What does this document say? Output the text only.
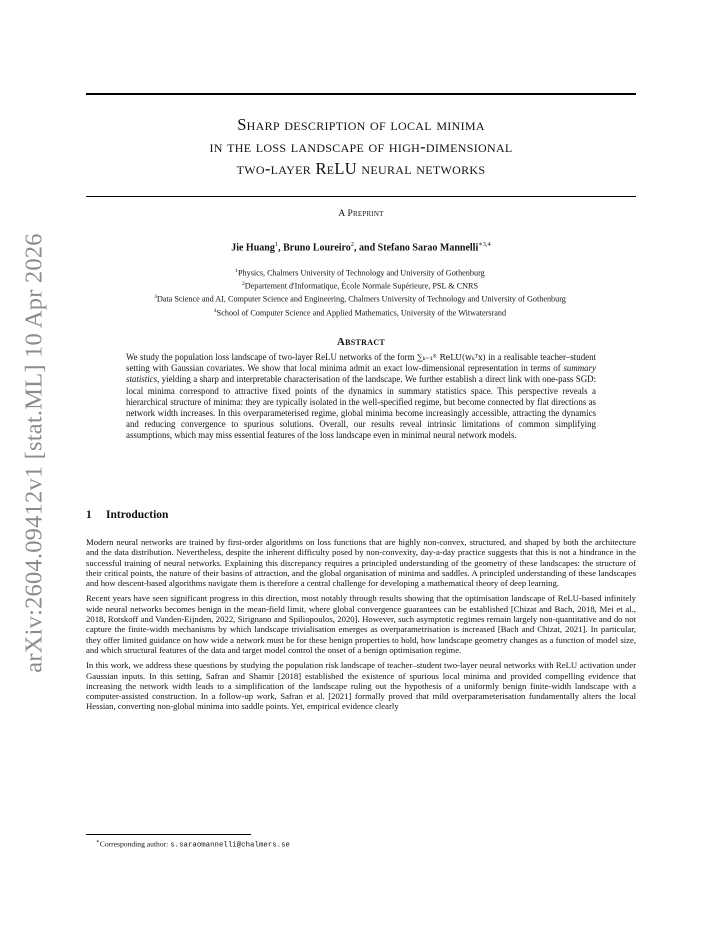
arXiv:2604.09412v1 [stat.ML] 10 Apr 2026
Sharp description of local minima
in the loss landscape of high-dimensional
two-layer ReLU neural networks
A Preprint
Jie Huang$^1$, Bruno Loureiro$^2$, and Stefano Sarao Mannelli$^{∗3,4}$
$^1$Physics, Chalmers University of Technology and University of Gothenburg
$^2$Departement d'Informatique, École Normale Supérieure, PSL & CNRS
$^3$Data Science and AI, Computer Science and Engineering, Chalmers University of Technology and University of Gothenburg
$^4$School of Computer Science and Applied Mathematics, University of the Witwatersrand
Abstract
We study the population loss landscape of two-layer ReLU networks of the form ∑ₖ₌₁ᴷ ReLU(wₖᵀx) in a realisable teacher–student setting with Gaussian covariates. We show that local minima admit an exact low-dimensional representation in terms of summary statistics, yielding a sharp and interpretable characterisation of the landscape. We further establish a direct link with one-pass SGD: local minima correspond to attractive fixed points of the dynamics in summary statistics space. This perspective reveals a hierarchical structure of minima: they are typically isolated in the well-specified regime, but become connected by flat directions as network width increases. In this overparameterised regime, global minima become increasingly accessible, attracting the dynamics and reducing convergence to spurious solutions. Overall, our results reveal intrinsic limitations of common simplifying assumptions, which may miss essential features of the loss landscape even in minimal neural network models.
1 Introduction

Modern neural networks are trained by first-order algorithms on loss functions that are highly non-convex, structured, and shaped by both the architecture and the data distribution. Nevertheless, despite the inherent difficulty posed by non-convexity, day-a-day practice suggests that this is not a hindrance in the successful training of neural networks. Explaining this discrepancy requires a principled understanding of the geometry of these landscapes: the structure of their critical points, the nature of their basins of attraction, and the global organisation of minima and saddles. A principled understanding of these landscapes and how descent-based algorithms navigate them is therefore a central challenge for developing a mathematical theory of deep learning.

Recent years have seen significant progress in this direction, most notably through results showing that the optimisation landscape of ReLU-based infinitely wide neural networks becomes benign in the mean-field limit, where global convergence guarantees can be established [Chizat and Bach, 2018, Mei et al., 2018, Rotskoff and Vanden-Eijnden, 2022, Sirignano and Spiliopoulos, 2020]. However, such asymptotic regimes remain largely non-quantitative and do not capture the finite-width mechanisms by which landscape trivialisation emerges as overparametrisation is increased [Bach and Chizat, 2021]. In particular, they offer limited guidance on how wide a network must be for these benign properties to hold, how landscape geometry changes as a function of model size, and which structural features of the data and target model control the onset of a benign optimisation regime.

In this work, we address these questions by studying the population risk landscape of teacher–student two-layer neural networks with ReLU activation under Gaussian inputs. In this setting, Safran and Shamir [2018] established the existence of spurious local minima and provided compelling evidence that increasing the network width leads to a simplification of the landscape ruling out the hypothesis of a uniformly benign finite-width landscape with a computer-assisted construction. In a follow-up work, Safran et al. [2021] formally proved that mild overparameterisation fundamentally alters the local Hessian, converting non-global minima into saddle points. Yet, empirical evidence clearly

∗Corresponding author: s.saraomannelli@chalmers.se
